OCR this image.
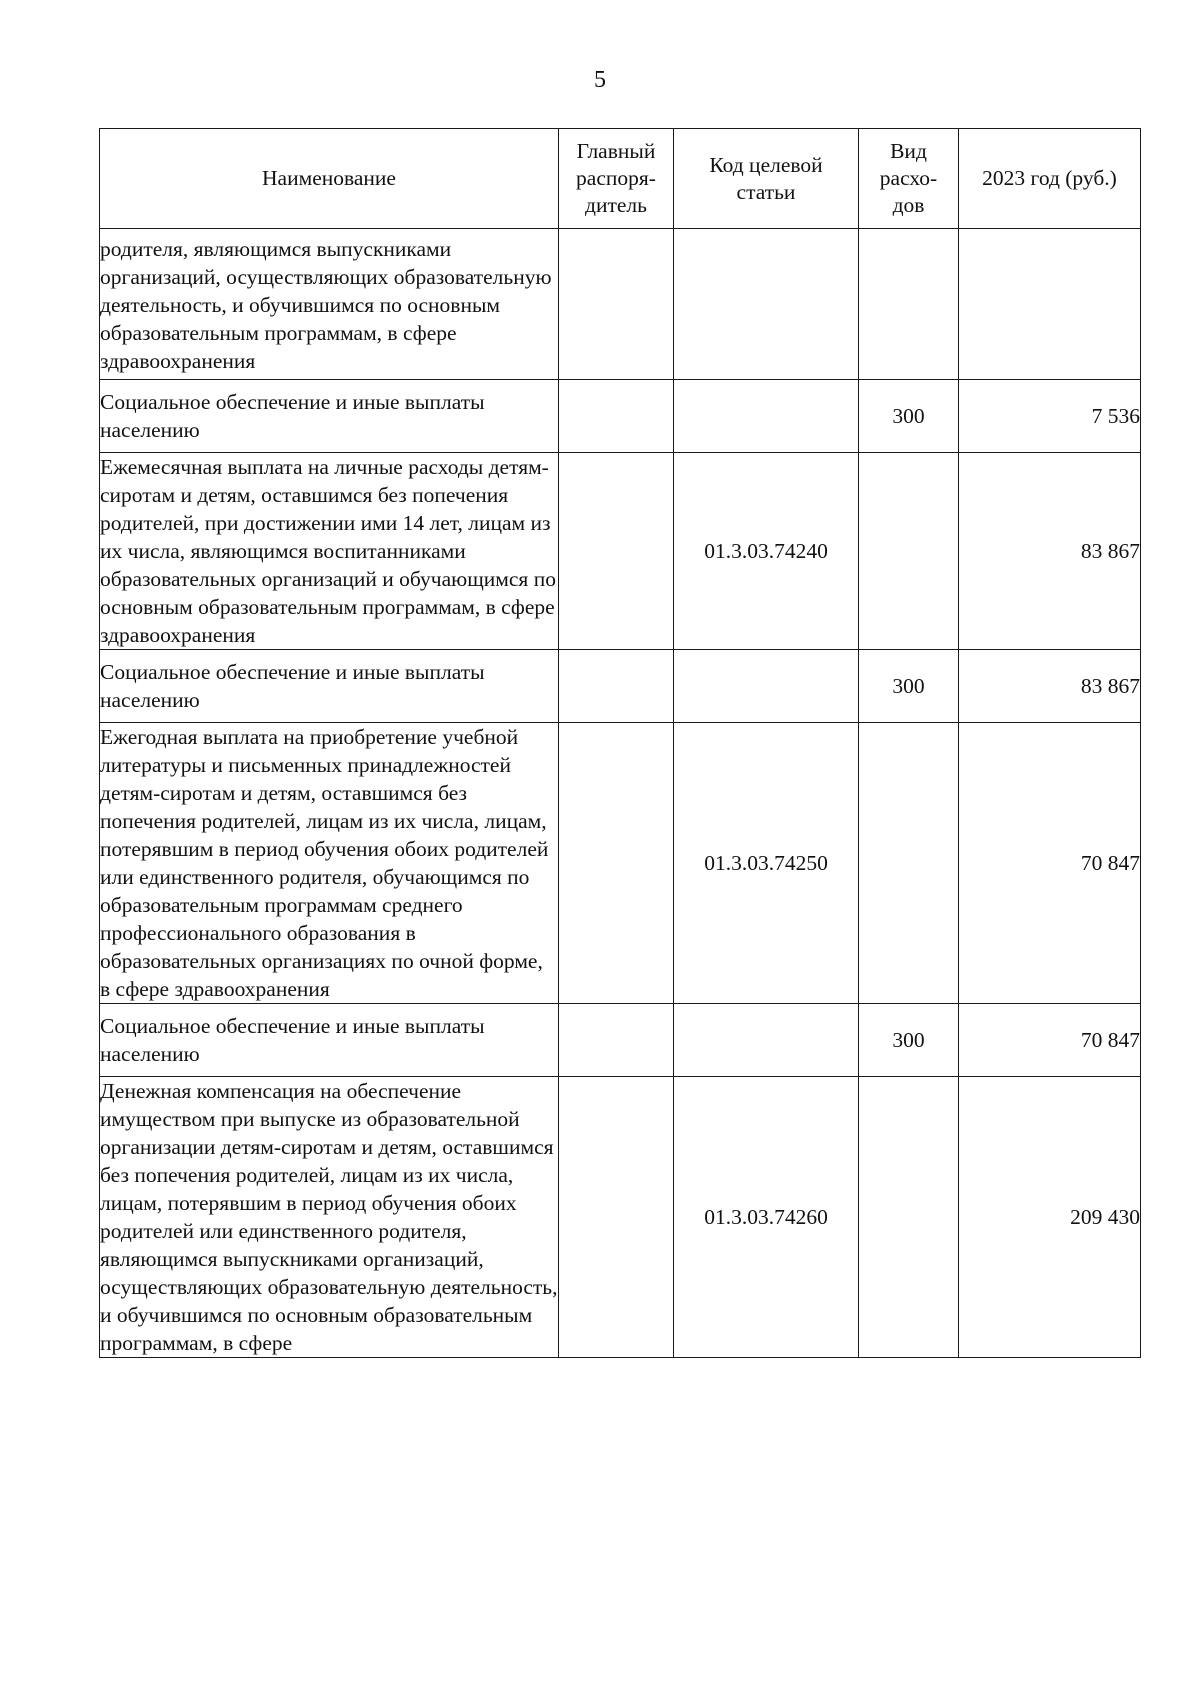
5
Наименование	Главный распоря-дитель	Код целевой статьи	Вид расхо-дов	2023 год (руб.)
родителя, являющимся выпускниками организаций, осуществляющих образовательную деятельность, и обучившимся по основным образовательным программам, в сфере здравоохранения				
Социальное обеспечение и иные выплаты населению			300	7 536
Ежемесячная выплата на личные расходы детям-сиротам и детям, оставшимся без попечения родителей, при достижении ими 14 лет, лицам из их числа, являющимся воспитанниками образовательных организаций и обучающимся по основным образовательным программам, в сфере здравоохранения		01.3.03.74240		83 867
Социальное обеспечение и иные выплаты населению			300	83 867
Ежегодная выплата на приобретение учебной литературы и письменных принадлежностей детям-сиротам и детям, оставшимся без попечения родителей, лицам из их числа, лицам, потерявшим в период обучения обоих родителей или единственного родителя, обучающимся по образовательным программам среднего профессионального образования в образовательных организациях по очной форме, в сфере здравоохранения		01.3.03.74250		70 847
Социальное обеспечение и иные выплаты населению			300	70 847
Денежная компенсация на обеспечение имуществом при выпуске из образовательной организации детям-сиротам и детям, оставшимся без попечения родителей, лицам из их числа, лицам, потерявшим в период обучения обоих родителей или единственного родителя, являющимся выпускниками организаций, осуществляющих образовательную деятельность, и обучившимся по основным образовательным программам, в сфере		01.3.03.74260		209 430
